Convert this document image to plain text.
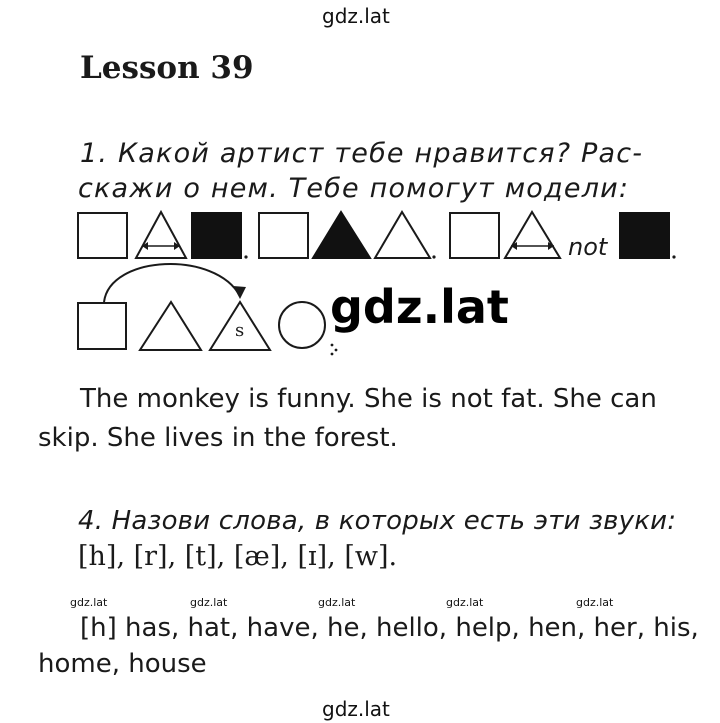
gdz.lat
Lesson 39
1. Какой артист тебе нравится? Рас-
скажи о нем. Тебе помогут модели:
not
s gdz.lat
The monkey is funny. She is not fat. She can
skip. She lives in the forest.
4. Назови слова, в которых есть эти звуки:
[h], [r], [t], [æ], [ɪ], [w].
gdz.lat	gdz.lat	gdz.lat	gdz.lat	gdz.lat
[h] has, hat, have, he, hello, help, hen, her, his,
home, house
gdz.lat
